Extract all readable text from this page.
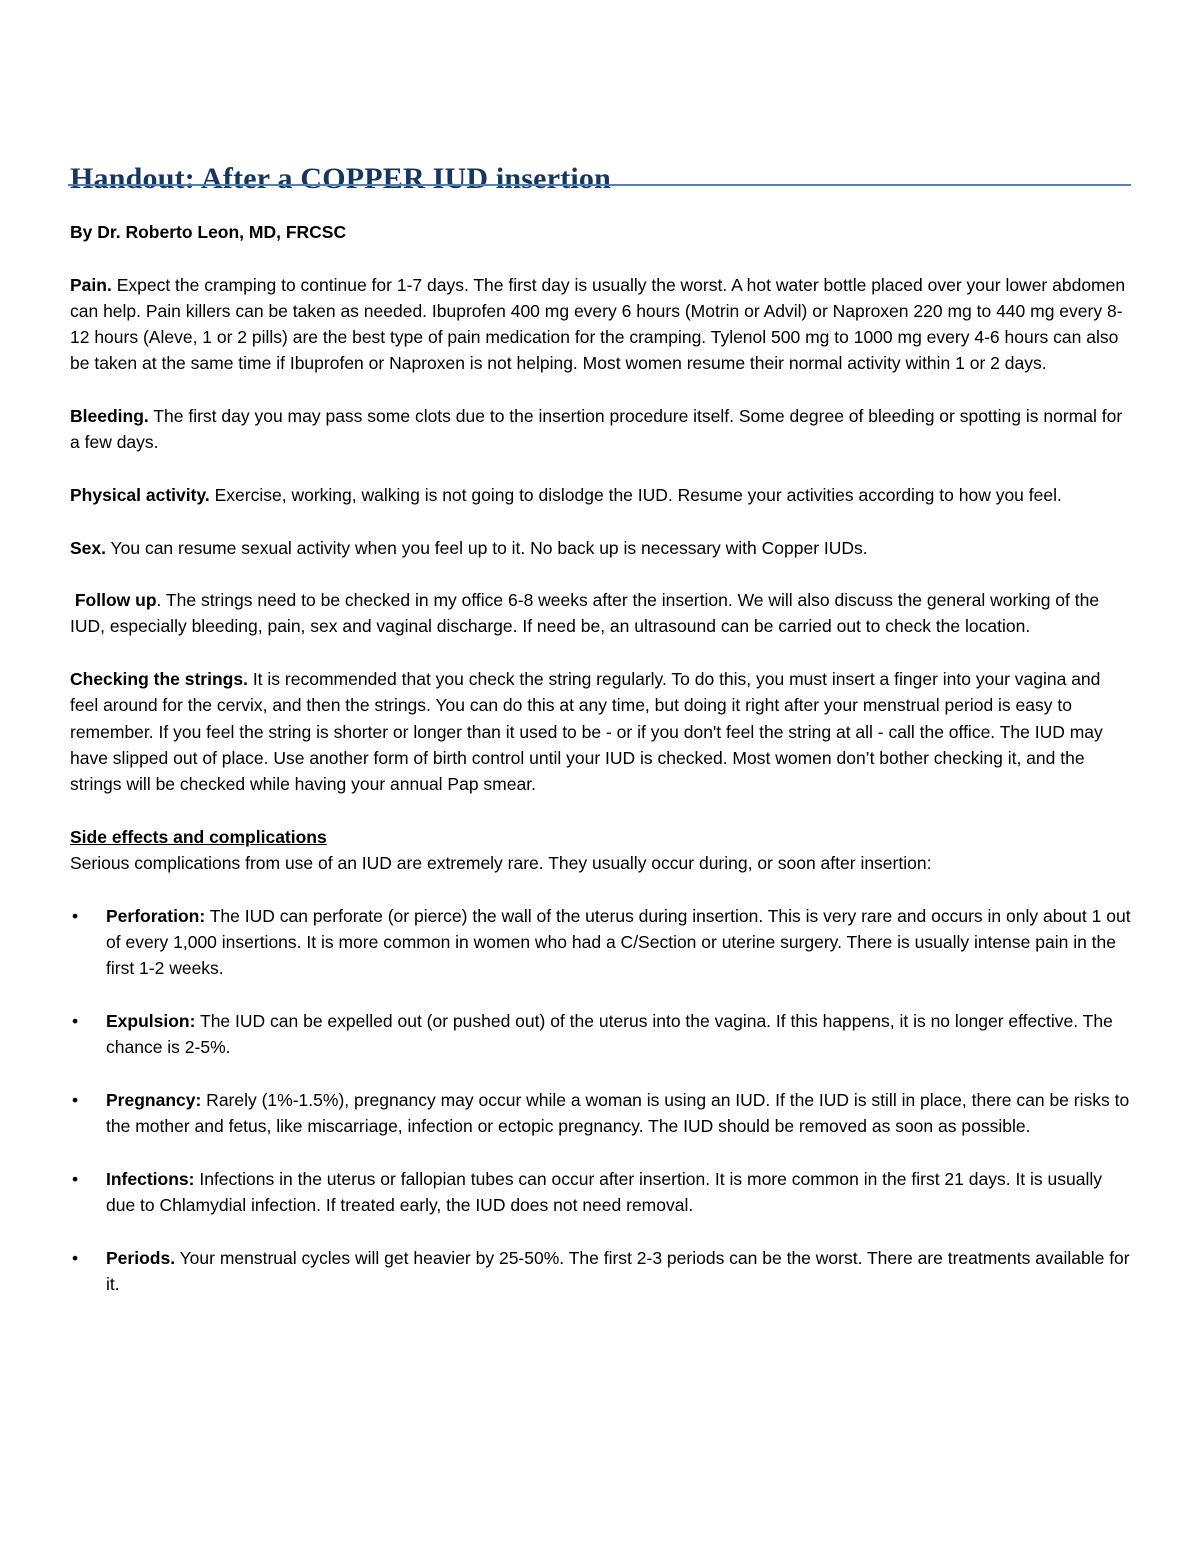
Handout: After a COPPER IUD insertion

By Dr. Roberto Leon, MD, FRCSC

Pain. Expect the cramping to continue for 1-7 days. The first day is usually the worst. A hot water bottle placed over your lower abdomen can help. Pain killers can be taken as needed. Ibuprofen 400 mg every 6 hours (Motrin or Advil) or Naproxen 220 mg to 440 mg every 8-12 hours (Aleve, 1 or 2 pills) are the best type of pain medication for the cramping. Tylenol 500 mg to 1000 mg every 4-6 hours can also be taken at the same time if Ibuprofen or Naproxen is not helping. Most women resume their normal activity within 1 or 2 days.

Bleeding. The first day you may pass some clots due to the insertion procedure itself. Some degree of bleeding or spotting is normal for a few days.

Physical activity. Exercise, working, walking is not going to dislodge the IUD. Resume your activities according to how you feel.

Sex. You can resume sexual activity when you feel up to it. No back up is necessary with Copper IUDs.

Follow up. The strings need to be checked in my office 6-8 weeks after the insertion. We will also discuss the general working of the IUD, especially bleeding, pain, sex and vaginal discharge. If need be, an ultrasound can be carried out to check the location.

Checking the strings. It is recommended that you check the string regularly. To do this, you must insert a finger into your vagina and feel around for the cervix, and then the strings. You can do this at any time, but doing it right after your menstrual period is easy to remember. If you feel the string is shorter or longer than it used to be - or if you don't feel the string at all - call the office. The IUD may have slipped out of place. Use another form of birth control until your IUD is checked. Most women don’t bother checking it, and the strings will be checked while having your annual Pap smear.

Side effects and complications

Serious complications from use of an IUD are extremely rare. They usually occur during, or soon after insertion:

• Perforation: The IUD can perforate (or pierce) the wall of the uterus during insertion. This is very rare and occurs in only about 1 out of every 1,000 insertions. It is more common in women who had a C/Section or uterine surgery. There is usually intense pain in the first 1-2 weeks.
• Expulsion: The IUD can be expelled out (or pushed out) of the uterus into the vagina. If this happens, it is no longer effective. The chance is 2-5%.
• Pregnancy: Rarely (1%-1.5%), pregnancy may occur while a woman is using an IUD. If the IUD is still in place, there can be risks to the mother and fetus, like miscarriage, infection or ectopic pregnancy. The IUD should be removed as soon as possible.
• Infections: Infections in the uterus or fallopian tubes can occur after insertion. It is more common in the first 21 days. It is usually due to Chlamydial infection. If treated early, the IUD does not need removal.
• Periods. Your menstrual cycles will get heavier by 25-50%. The first 2-3 periods can be the worst. There are treatments available for it.
